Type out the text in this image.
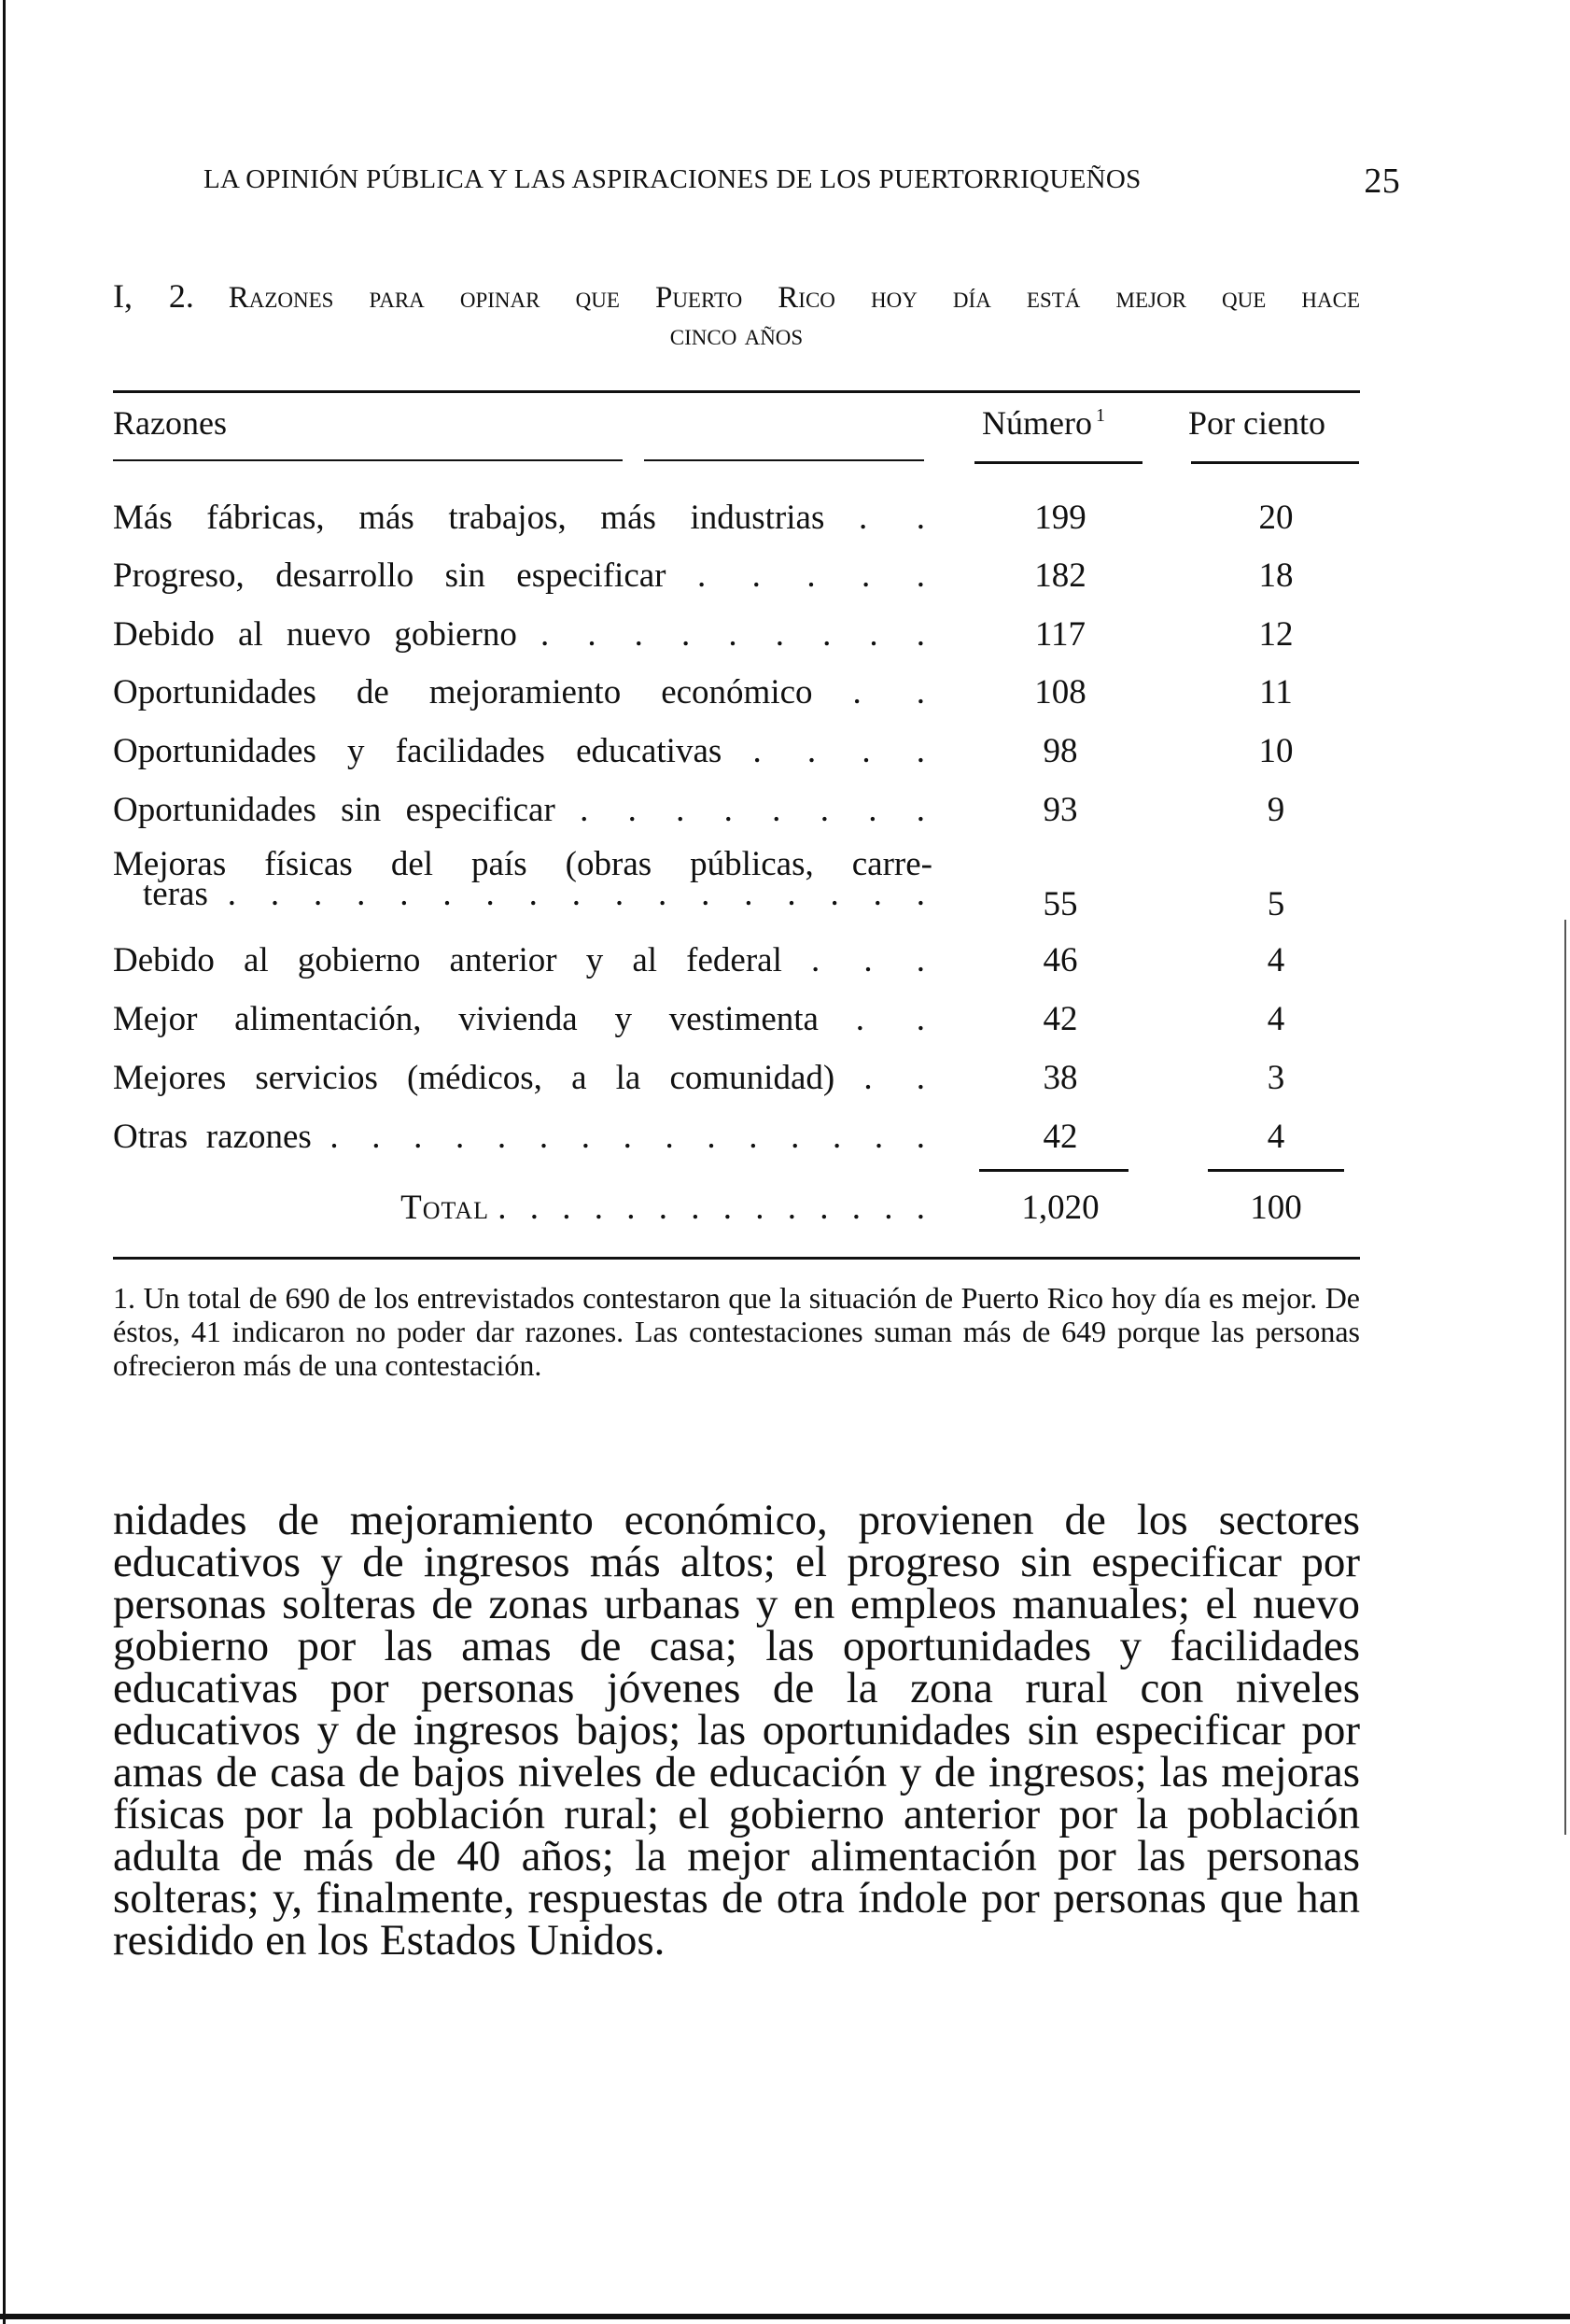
LA OPINIÓN PÚBLICA Y LAS ASPIRACIONES DE LOS PUERTORRIQUEÑOS	25
I, 2. Razones para opinar que Puerto Rico hoy día está mejor que hace
cinco años
Razones	Número $^1$ Por ciento
Más fábricas, más trabajos, más industrias . .	199	20
Progreso, desarrollo sin especificar . . . . .	182	18
Debido al nuevo gobierno . . . . . . . . .	117	12
Oportunidades de mejoramiento económico . .	108	11
Oportunidades y facilidades educativas . . . .	98	10
Oportunidades sin especificar . . . . . . . .	93	9
Mejoras físicas del país (obras públicas, carre-
teras . . . . . . . . . . . . . . . . .	55	5
Debido al gobierno anterior y al federal . . .	46	4
Mejor alimentación, vivienda y vestimenta . .	42	4
Mejores servicios (médicos, a la comunidad) . .	38	3
Otras razones . . . . . . . . . . . . . . .	42	4
Total . . . . . . . . . . . . . .	1,020	100
1. Un total de 690 de los entrevistados contestaron que la situación de Puerto Rico hoy día es mejor. De éstos, 41 indicaron no poder dar razones. Las contestaciones suman más de 649 porque las personas ofrecieron más de una contestación.
nidades de mejoramiento económico, provienen de los sectores educativos y de ingresos más altos; el progreso sin especificar por personas solteras de zonas urbanas y en empleos manuales; el nuevo gobierno por las amas de casa; las oportunidades y facilidades educativas por personas jóvenes de la zona rural con niveles educativos y de ingresos bajos; las oportunidades sin especificar por amas de casa de bajos niveles de educación y de ingresos; las mejoras físicas por la población rural; el gobierno anterior por la población adulta de más de 40 años; la mejor alimentación por las personas solteras; y, finalmente, respuestas de otra índole por personas que han residido en los Estados Unidos.
